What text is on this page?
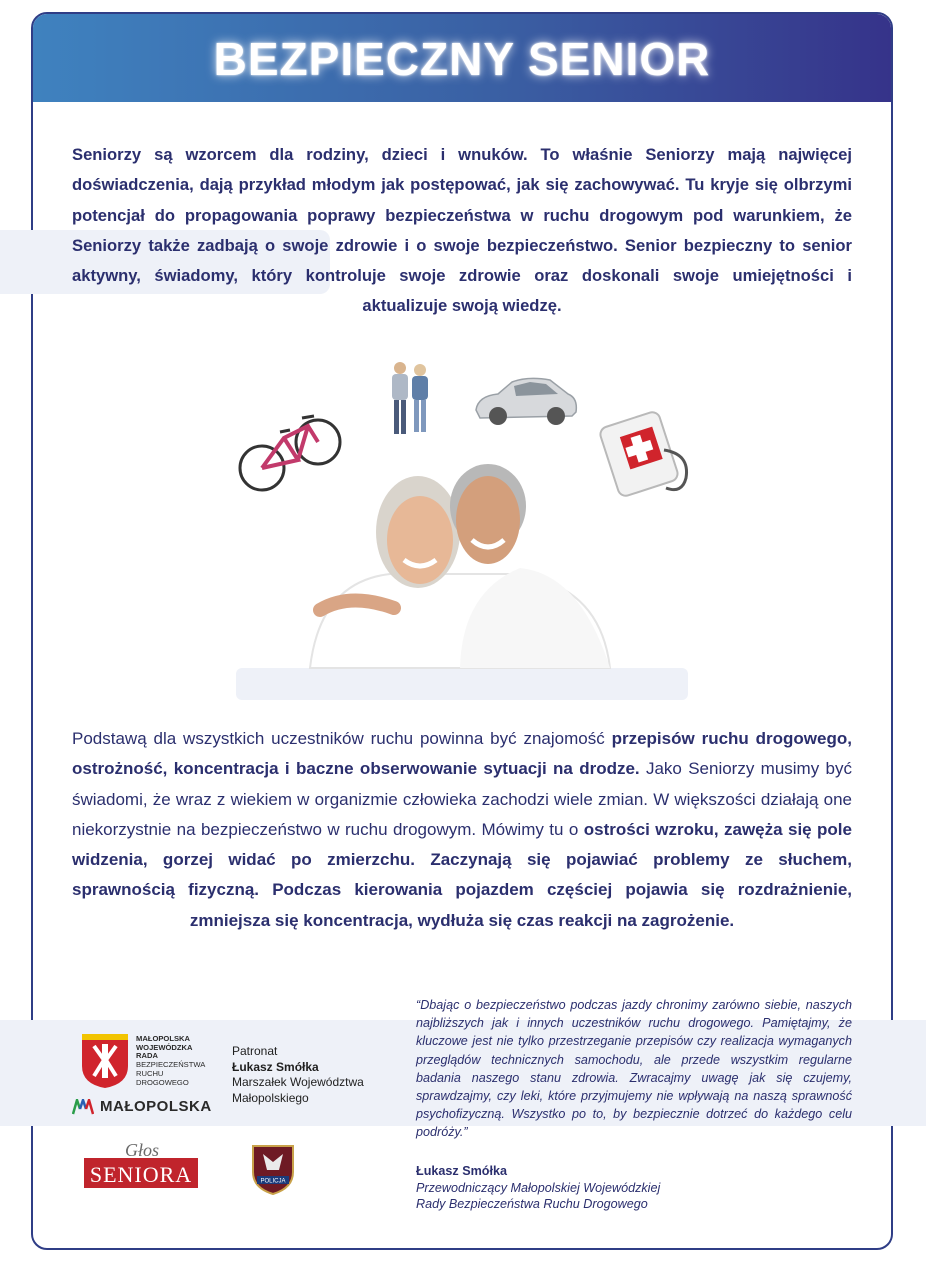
BEZPIECZNY SENIOR
Seniorzy są wzorcem dla rodziny, dzieci i wnuków. To właśnie Seniorzy mają najwięcej doświadczenia, dają przykład młodym jak postępować, jak się zachowywać. Tu kryje się olbrzymi potencjał do propagowania poprawy bezpieczeństwa w ruchu drogowym pod warunkiem, że Seniorzy także zadbają o swoje zdrowie i o swoje bezpieczeństwo. Senior bezpieczny to senior aktywny, świadomy, który kontroluje swoje zdrowie oraz doskonali swoje umiejętności i aktualizuje swoją wiedzę.
Podstawą dla wszystkich uczestników ruchu powinna być znajomość przepisów ruchu drogowego, ostrożność, koncentracja i baczne obserwowanie sytuacji na drodze. Jako Seniorzy musimy być świadomi, że wraz z wiekiem w organizmie człowieka zachodzi wiele zmian. W większości działają one niekorzystnie na bezpieczeństwo w ruchu drogowym. Mówimy tu o ostrości wzroku, zawęża się pole widzenia, gorzej widać po zmierzchu. Zaczynają się pojawiać problemy ze słuchem, sprawnością fizyczną. Podczas kierowania pojazdem częściej pojawia się rozdrażnienie, zmniejsza się koncentracja, wydłuża się czas reakcji na zagrożenie.
MAŁOPOLSKA
WOJEWÓDZKA
RADA
BEZPIECZEŃSTWA
RUCHU
DROGOWEGO
MAŁOPOLSKA
Patronat
Łukasz Smółka
Marszałek Województwa
Małopolskiego
Głos
SENIORA	POLICJA
“Dbając o bezpieczeństwo podczas jazdy chronimy zarówno siebie, naszych najbliższych jak i innych uczestników ruchu drogowego. Pamiętajmy, że kluczowe jest nie tylko przestrzeganie przepisów czy realizacja wymaganych przeglądów technicznych samochodu, ale przede wszystkim regularne badania naszego stanu zdrowia. Zwracajmy uwagę jak się czujemy, sprawdzajmy, czy leki, które przyjmujemy nie wpływają na naszą sprawność psychofizyczną. Wszystko po to, by bezpiecznie dotrzeć do każdego celu podróży.”
Łukasz Smółka
Przewodniczący Małopolskiej Wojewódzkiej
Rady Bezpieczeństwa Ruchu Drogowego
